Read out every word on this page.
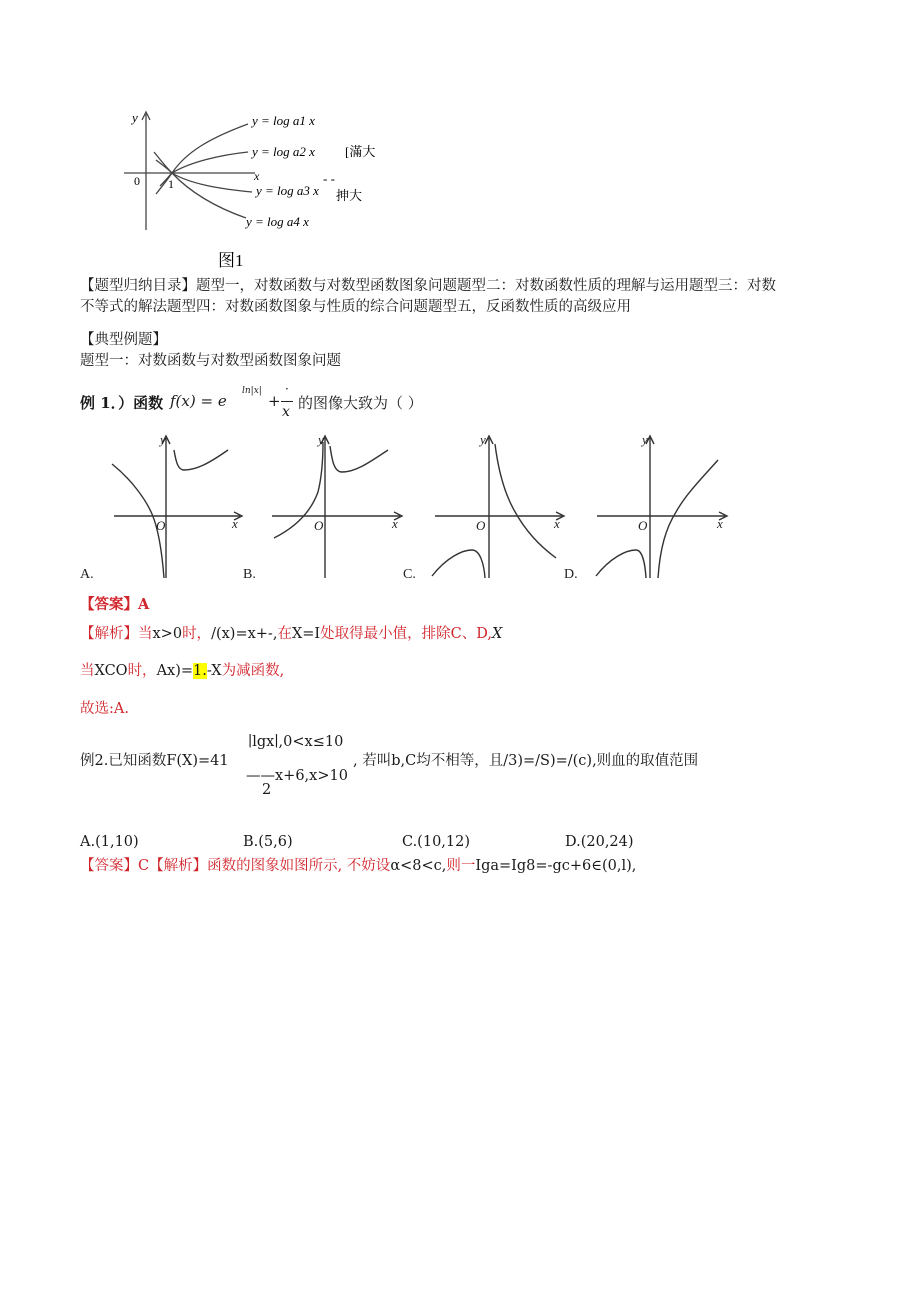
y
x
0 1
y = log a1 x
y = log a2 x
y = log a3 x
y = log a4 x
[滿大
- -
抻大
图1
【题型归纳目录】题型一，对数函数与对数型函数图象问题题型二：对数函数性质的理解与运用题型三：对数
不等式的解法题型四：对数函数图象与性质的综合问题题型五，反函数性质的高级应用
【典型例题】
题型一：对数函数与对数型函数图象问题
例 1．）函数 f(x) = e
ln|x|
+
·
x 的图像大致为（ ）
y
x
O
A.
y
x
O
B.
y
x
O
C.
y
x
O
D.
【答案】A
【解析】当x>0时，/(x)=x+-,在X=I处取得最小值，排除C、D,X
当XCO时，Ax)=1.-X为减函数,
故选:A.
例2.已知函数F(X)=41
∣lgx∣,0<x≤10
——x+6,x>10
2
, 若叫b,C均不相等，且/3)=/S)=/(c),则血的取值范围
A.(1,10)	B.(5,6)	C.(10,12)	D.(20,24)
【答案】C【解析】函数的图象如图所示, 不妨设α<8<c,则一Iga=Ig8=-gc+6∈(0,l),
